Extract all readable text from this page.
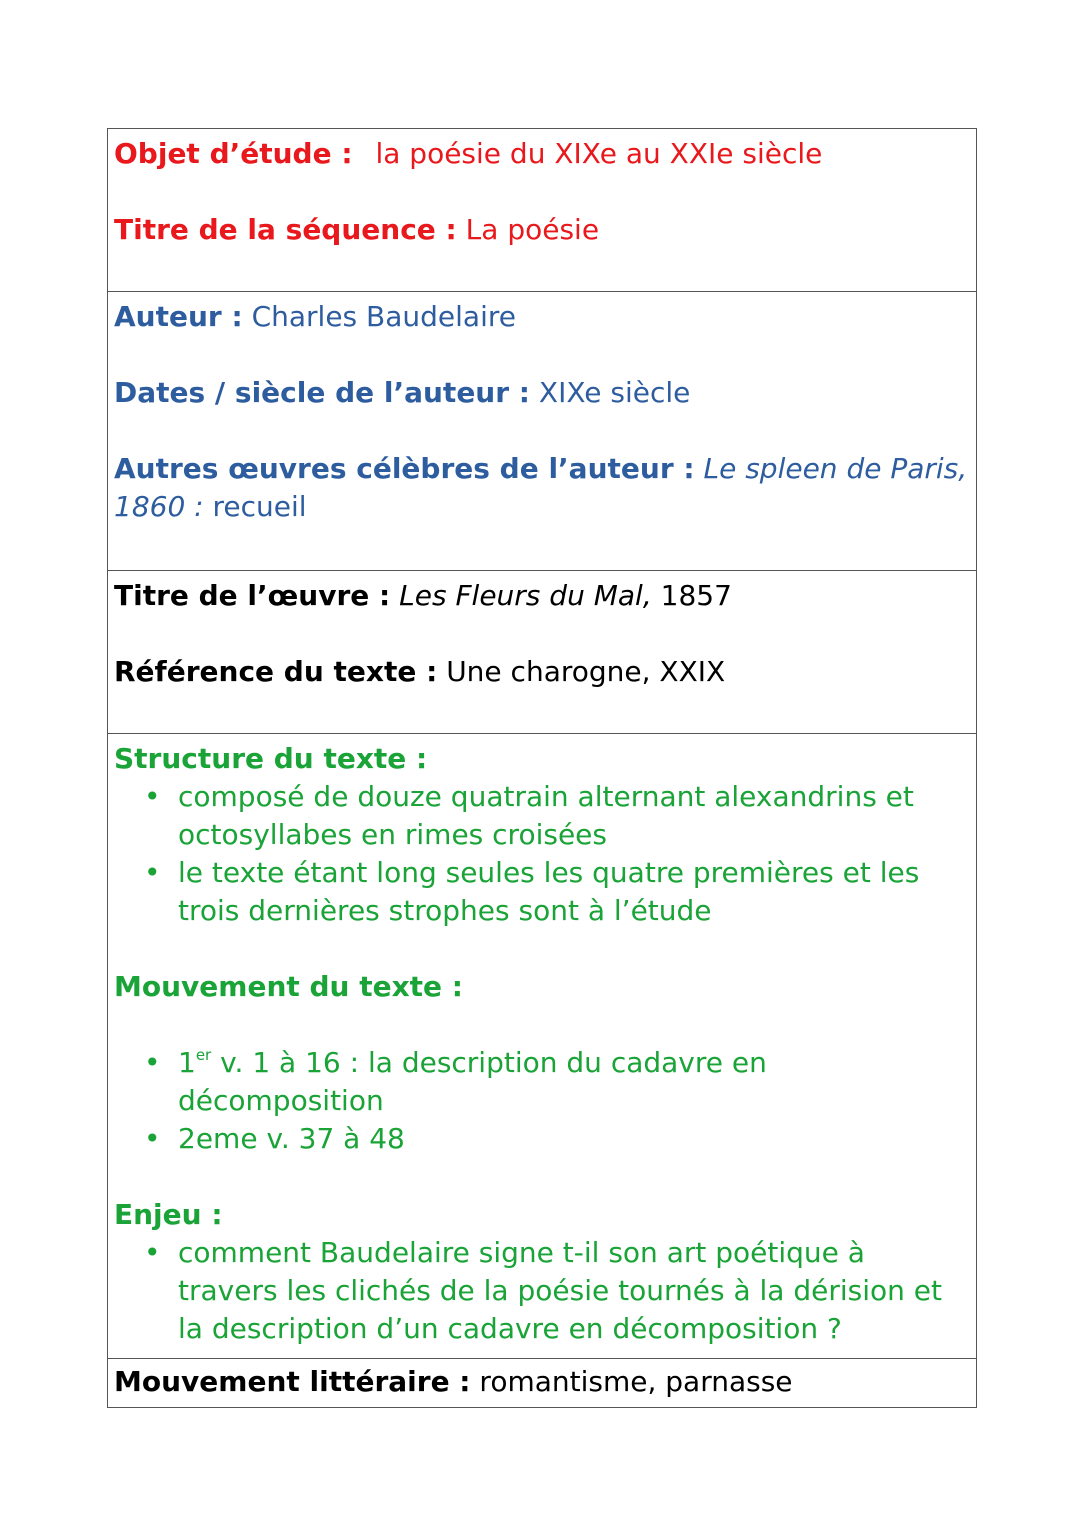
Objet d’étude : la poésie du XIXe au XXIe siècle

Titre de la séquence : La poésie

Auteur : Charles Baudelaire

Dates / siècle de l’auteur : XIXe siècle

Autres œuvres célèbres de l’auteur : Le spleen de Paris, 1860 : recueil

Titre de l’œuvre : Les Fleurs du Mal, 1857

Référence du texte : Une charogne, XXIX

Structure du texte :

• composé de douze quatrain alternant alexandrins et octosyllabes en rimes croisées
• le texte étant long seules les quatre premières et les trois dernières strophes sont à l’étude

Mouvement du texte :

• 1er v. 1 à 16 : la description du cadavre en décomposition
• 2eme v. 37 à 48

Enjeu :

• comment Baudelaire signe t-il son art poétique à travers les clichés de la poésie tournés à la dérision et la description d’un cadavre en décomposition ?

Mouvement littéraire : romantisme, parnasse
